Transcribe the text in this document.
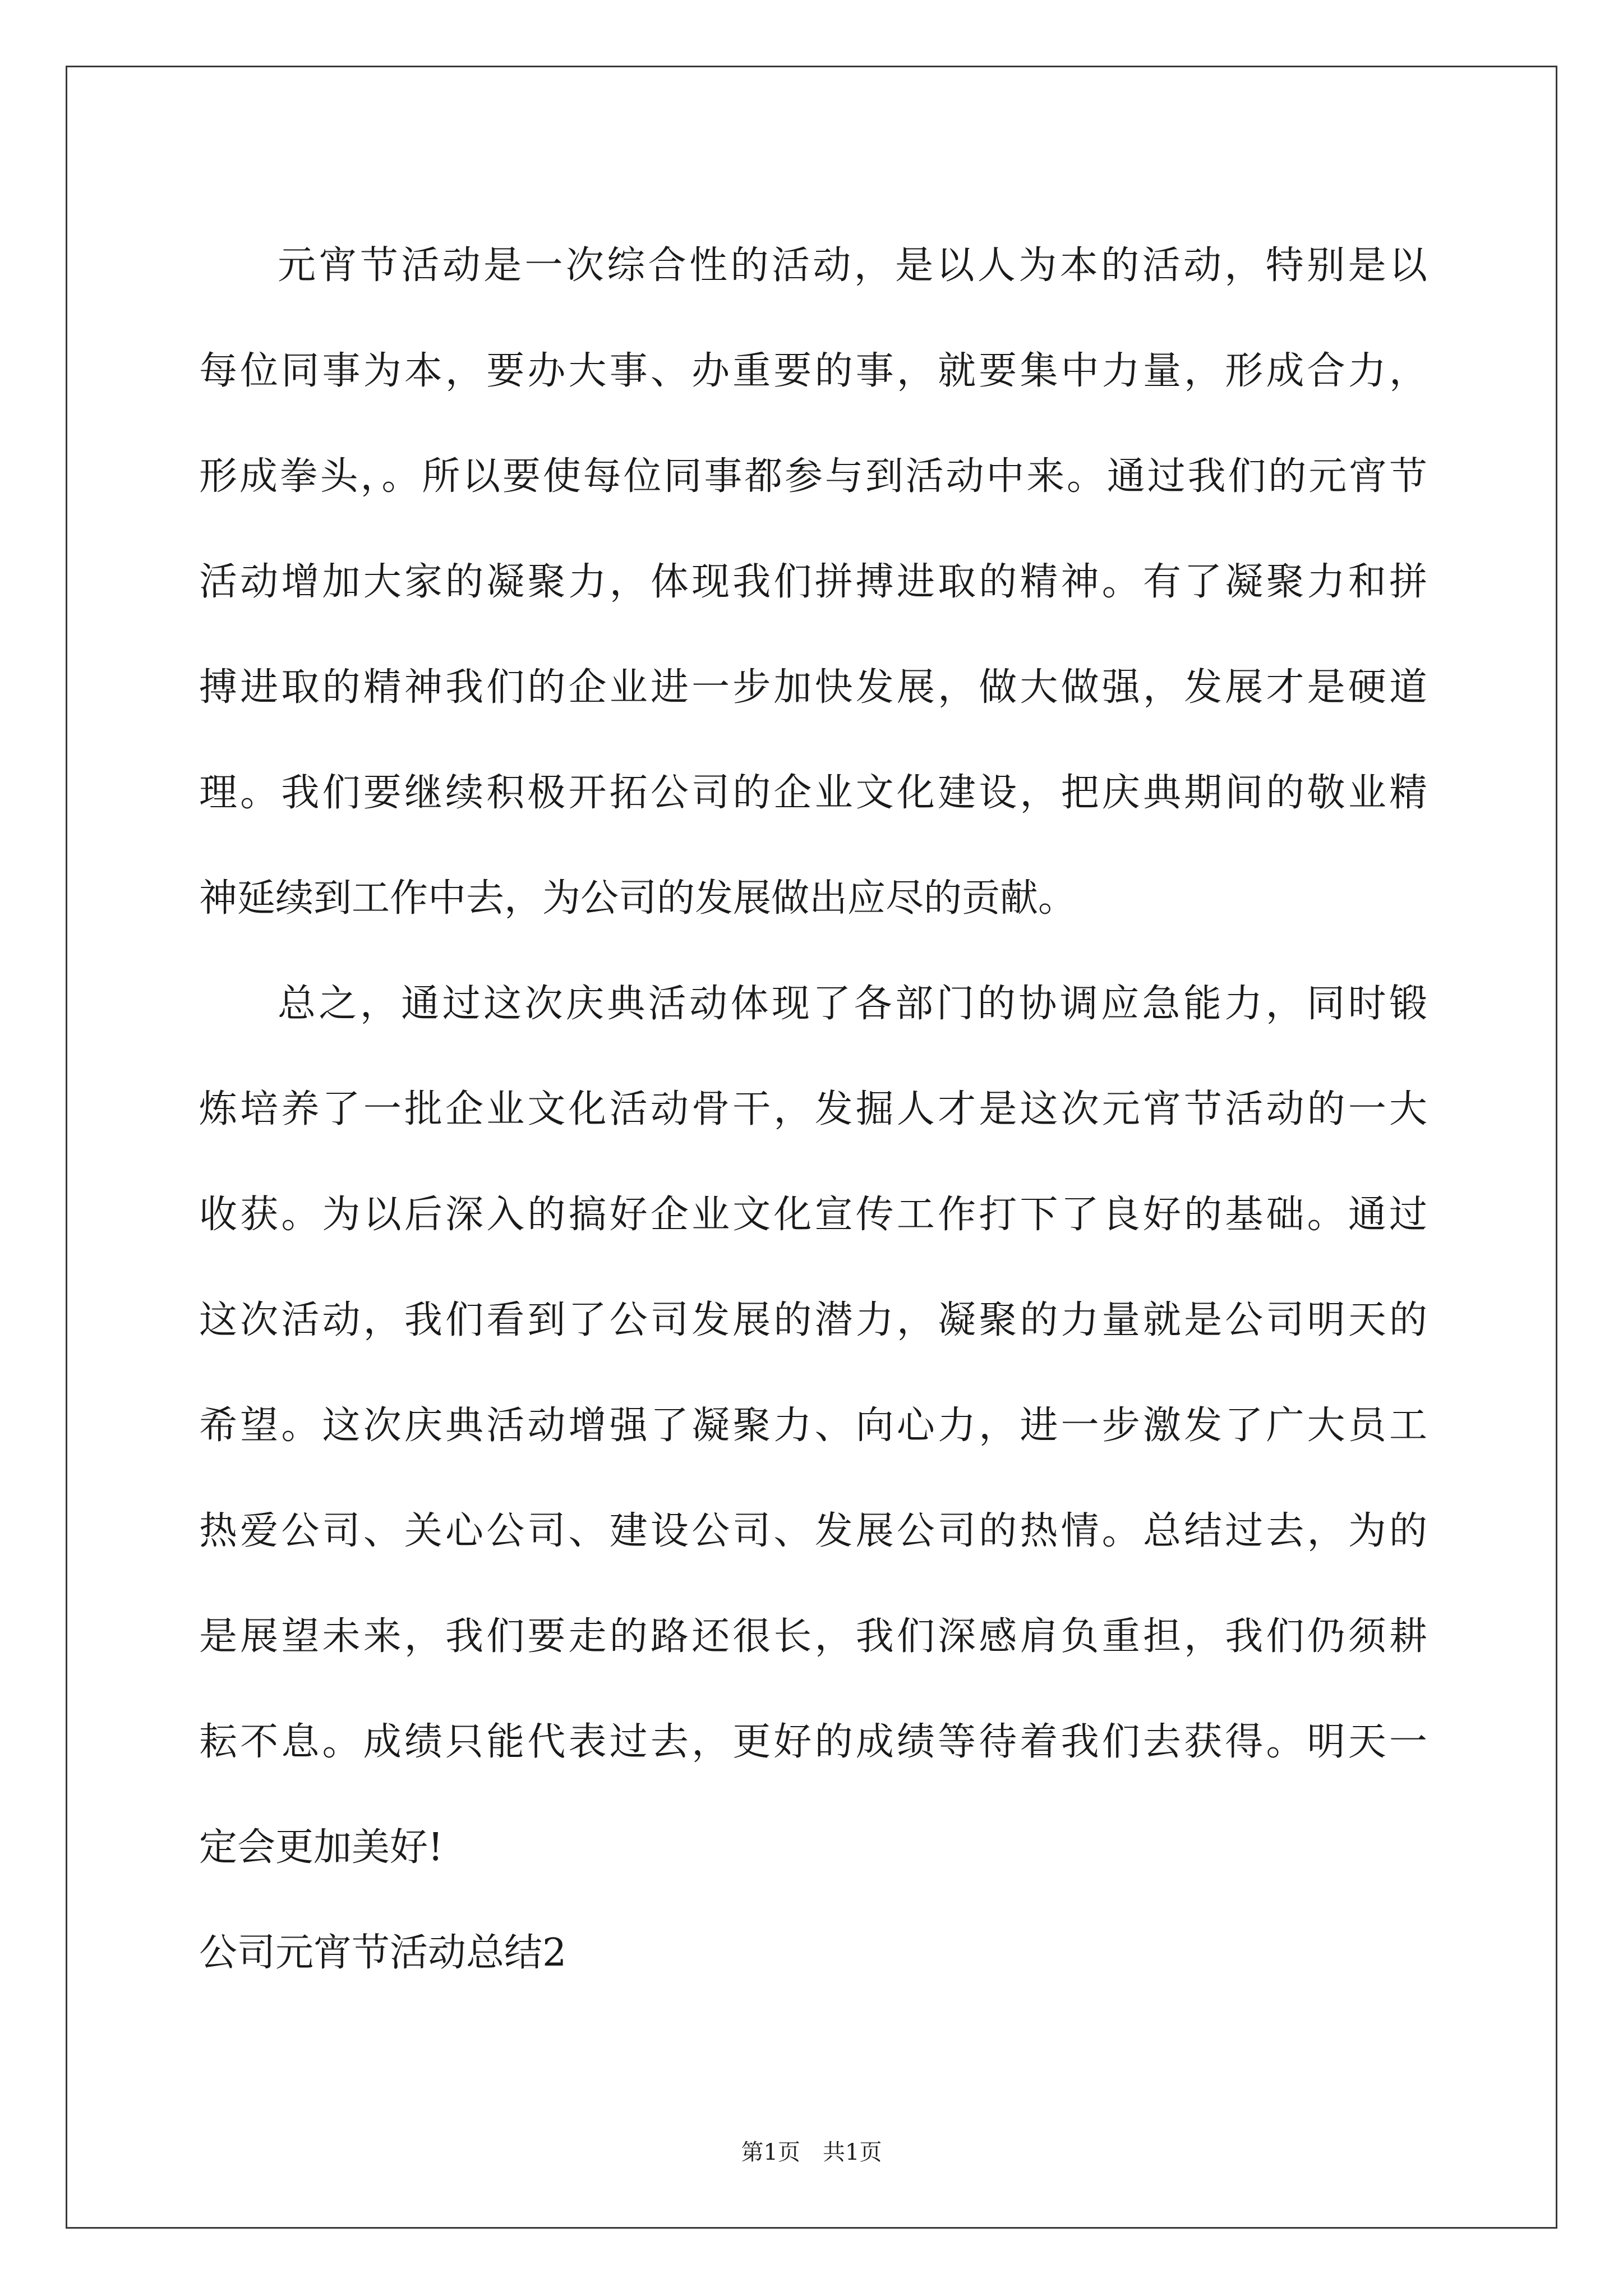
元宵节活动是一次综合性的活动，是以人为本的活动，特别是以
每位同事为本，要办大事、办重要的事，就要集中力量，形成合力，
形成拳头，。所以要使每位同事都参与到活动中来。通过我们的元宵节
活动增加大家的凝聚力，体现我们拼搏进取的精神。有了凝聚力和拼
搏进取的精神我们的企业进一步加快发展，做大做强，发展才是硬道
理。我们要继续积极开拓公司的企业文化建设，把庆典期间的敬业精
神延续到工作中去，为公司的发展做出应尽的贡献。
总之，通过这次庆典活动体现了各部门的协调应急能力，同时锻
炼培养了一批企业文化活动骨干，发掘人才是这次元宵节活动的一大
收获。为以后深入的搞好企业文化宣传工作打下了良好的基础。通过
这次活动，我们看到了公司发展的潜力，凝聚的力量就是公司明天的
希望。这次庆典活动增强了凝聚力、向心力，进一步激发了广大员工
热爱公司、关心公司、建设公司、发展公司的热情。总结过去，为的
是展望未来，我们要走的路还很长，我们深感肩负重担，我们仍须耕
耘不息。成绩只能代表过去，更好的成绩等待着我们去获得。明天一
定会更加美好!
公司元宵节活动总结2
第1页　共1页
